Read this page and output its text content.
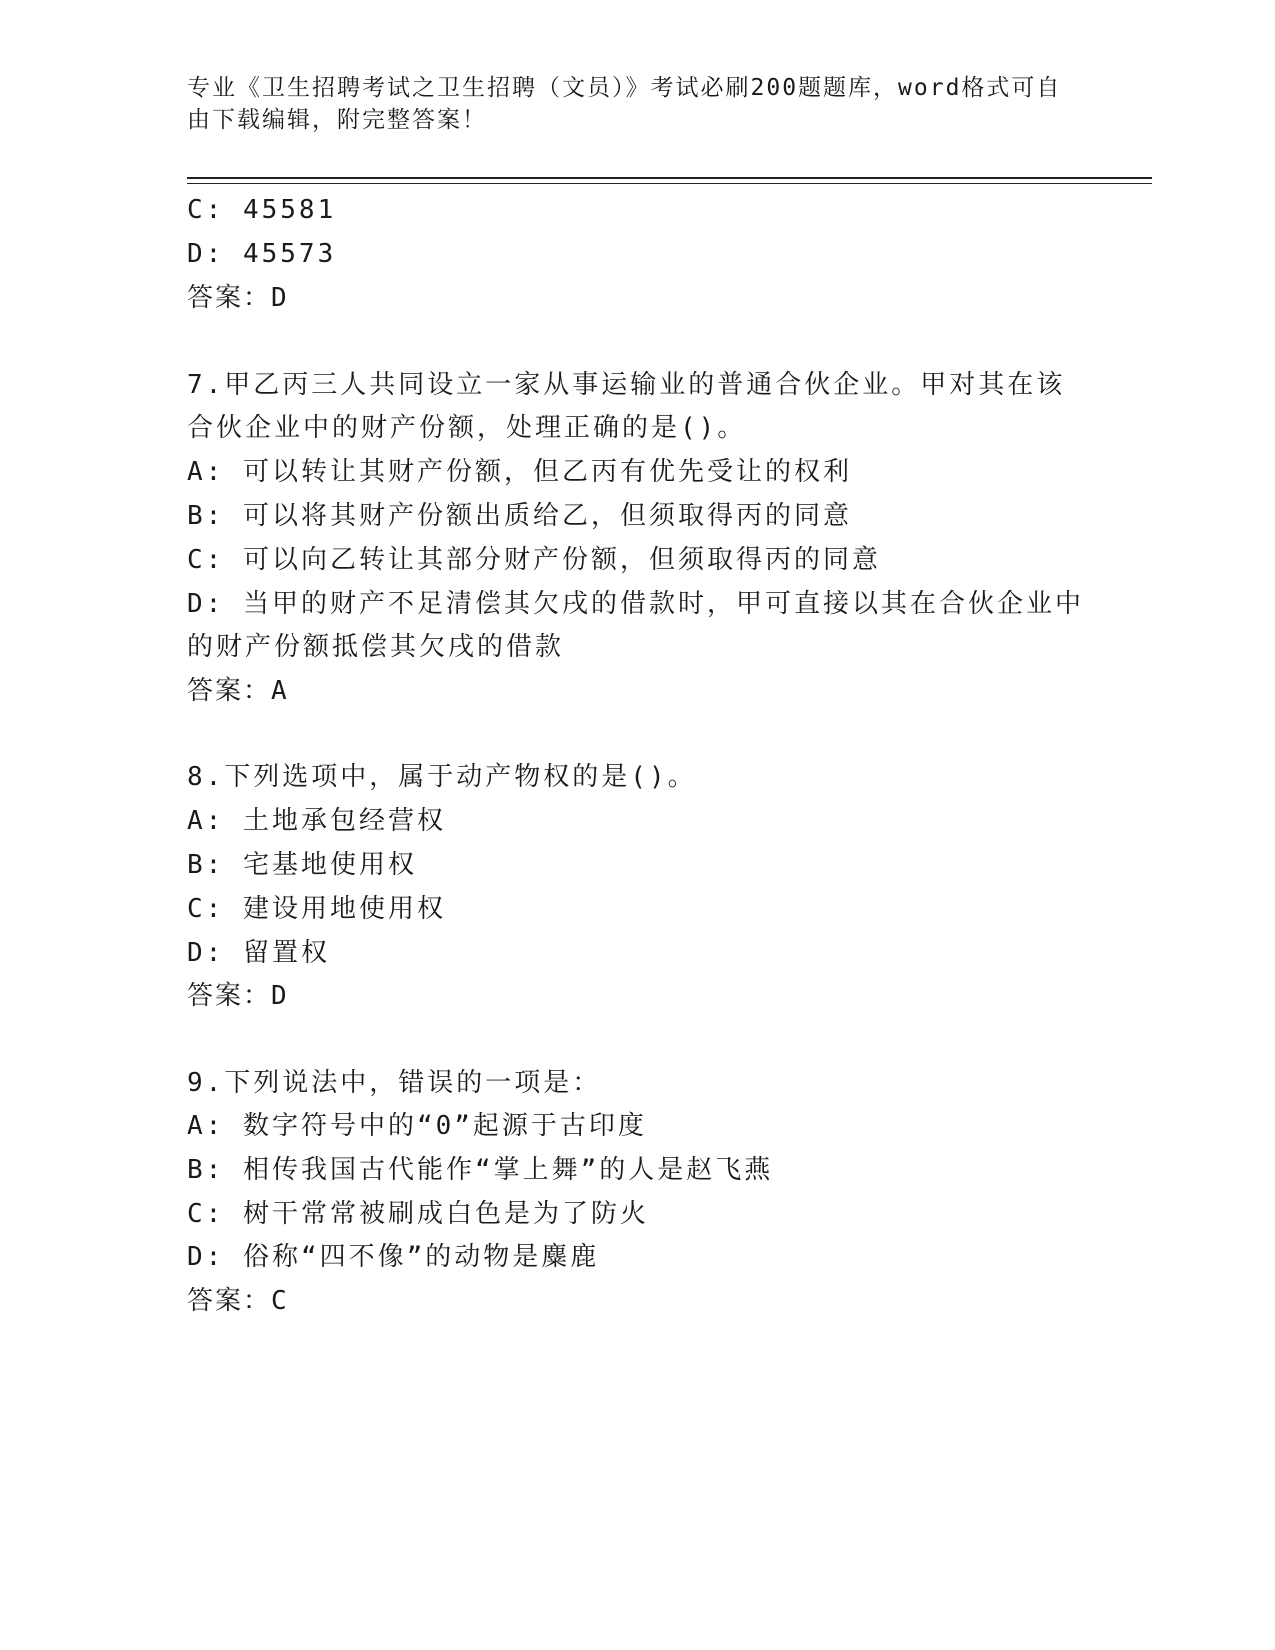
专业《卫生招聘考试之卫生招聘（文员）》考试必刷200题题库，word格式可自
由下载编辑，附完整答案！
C: 45581
D: 45573
答案：D
7.甲乙丙三人共同设立一家从事运输业的普通合伙企业。甲对其在该
合伙企业中的财产份额，处理正确的是()。
A: 可以转让其财产份额，但乙丙有优先受让的权利
B: 可以将其财产份额出质给乙，但须取得丙的同意
C: 可以向乙转让其部分财产份额，但须取得丙的同意
D: 当甲的财产不足清偿其欠戌的借款时，甲可直接以其在合伙企业中
的财产份额抵偿其欠戌的借款
答案：A
8.下列选项中，属于动产物权的是()。
A: 土地承包经营权
B: 宅基地使用权
C: 建设用地使用权
D: 留置权
答案：D
9.下列说法中，错误的一项是：
A: 数字符号中的“0”起源于古印度
B: 相传我国古代能作“掌上舞”的人是赵飞燕
C: 树干常常被刷成白色是为了防火
D: 俗称“四不像”的动物是麋鹿
答案：C
